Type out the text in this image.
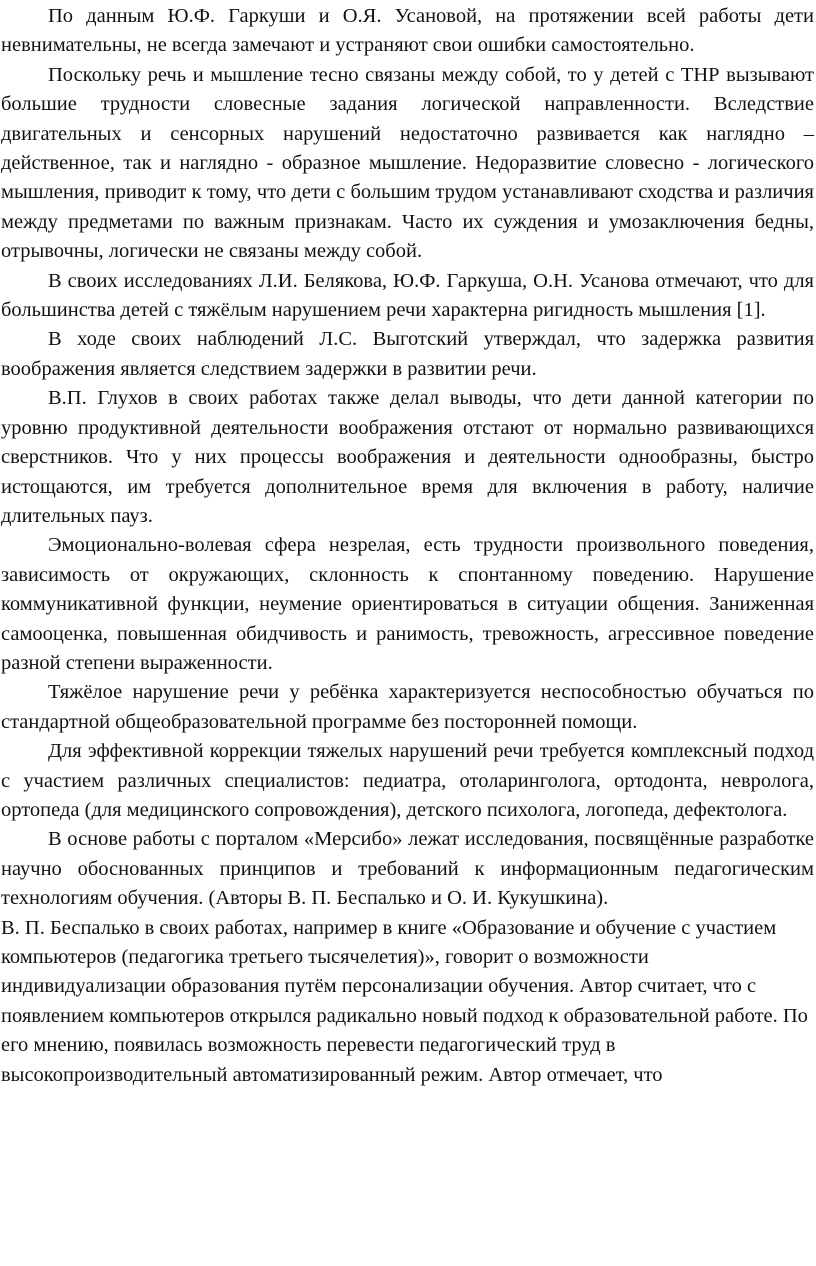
По данным Ю.Ф. Гаркуши и О.Я. Усановой, на протяжении всей работы дети невнимательны, не всегда замечают и устраняют свои ошибки самостоятельно.

Поскольку речь и мышление тесно связаны между собой, то у детей с ТНР вызывают большие трудности словесные задания логической направленности. Вследствие двигательных и сенсорных нарушений недостаточно развивается как наглядно – действенное, так и наглядно - образное мышление. Недоразвитие словесно - логического мышления, приводит к тому, что дети с большим трудом устанавливают сходства и различия между предметами по важным признакам. Часто их суждения и умозаключения бедны, отрывочны, логически не связаны между собой.

В своих исследованиях Л.И. Белякова, Ю.Ф. Гаркуша, О.Н. Усанова отмечают, что для большинства детей с тяжёлым нарушением речи характерна ригидность мышления [1].

В ходе своих наблюдений Л.С. Выготский утверждал, что задержка развития воображения является следствием задержки в развитии речи.

В.П. Глухов в своих работах также делал выводы, что дети данной категории по уровню продуктивной деятельности воображения отстают от нормально развивающихся сверстников. Что у них процессы воображения и деятельности однообразны, быстро истощаются, им требуется дополнительное время для включения в работу, наличие длительных пауз.

Эмоционально-волевая сфера незрелая, есть трудности произвольного поведения, зависимость от окружающих, склонность к спонтанному поведению. Нарушение коммуникативной функции, неумение ориентироваться в ситуации общения. Заниженная самооценка, повышенная обидчивость и ранимость, тревожность, агрессивное поведение разной степени выраженности.

Тяжёлое нарушение речи у ребёнка характеризуется неспособностью обучаться по стандартной общеобразовательной программе без посторонней помощи.

Для эффективной коррекции тяжелых нарушений речи требуется комплексный подход с участием различных специалистов: педиатра, отоларинголога, ортодонта, невролога, ортопеда (для медицинского сопровождения), детского психолога, логопеда, дефектолога.

В основе работы с порталом «Мерсибо» лежат исследования, посвящённые разработке научно обоснованных принципов и требований к информационным педагогическим технологиям обучения. (Авторы В. П. Беспалько и О. И. Кукушкина).

В. П. Беспалько в своих работах, например в книге «Образование и обучение с участием компьютеров (педагогика третьего тысячелетия)», говорит о возможности индивидуализации образования путём персонализации обучения. Автор считает, что с появлением компьютеров открылся радикально новый подход к образовательной работе. По его мнению, появилась возможность перевести педагогический труд в высокопроизводительный автоматизированный режим. Автор отмечает, что
